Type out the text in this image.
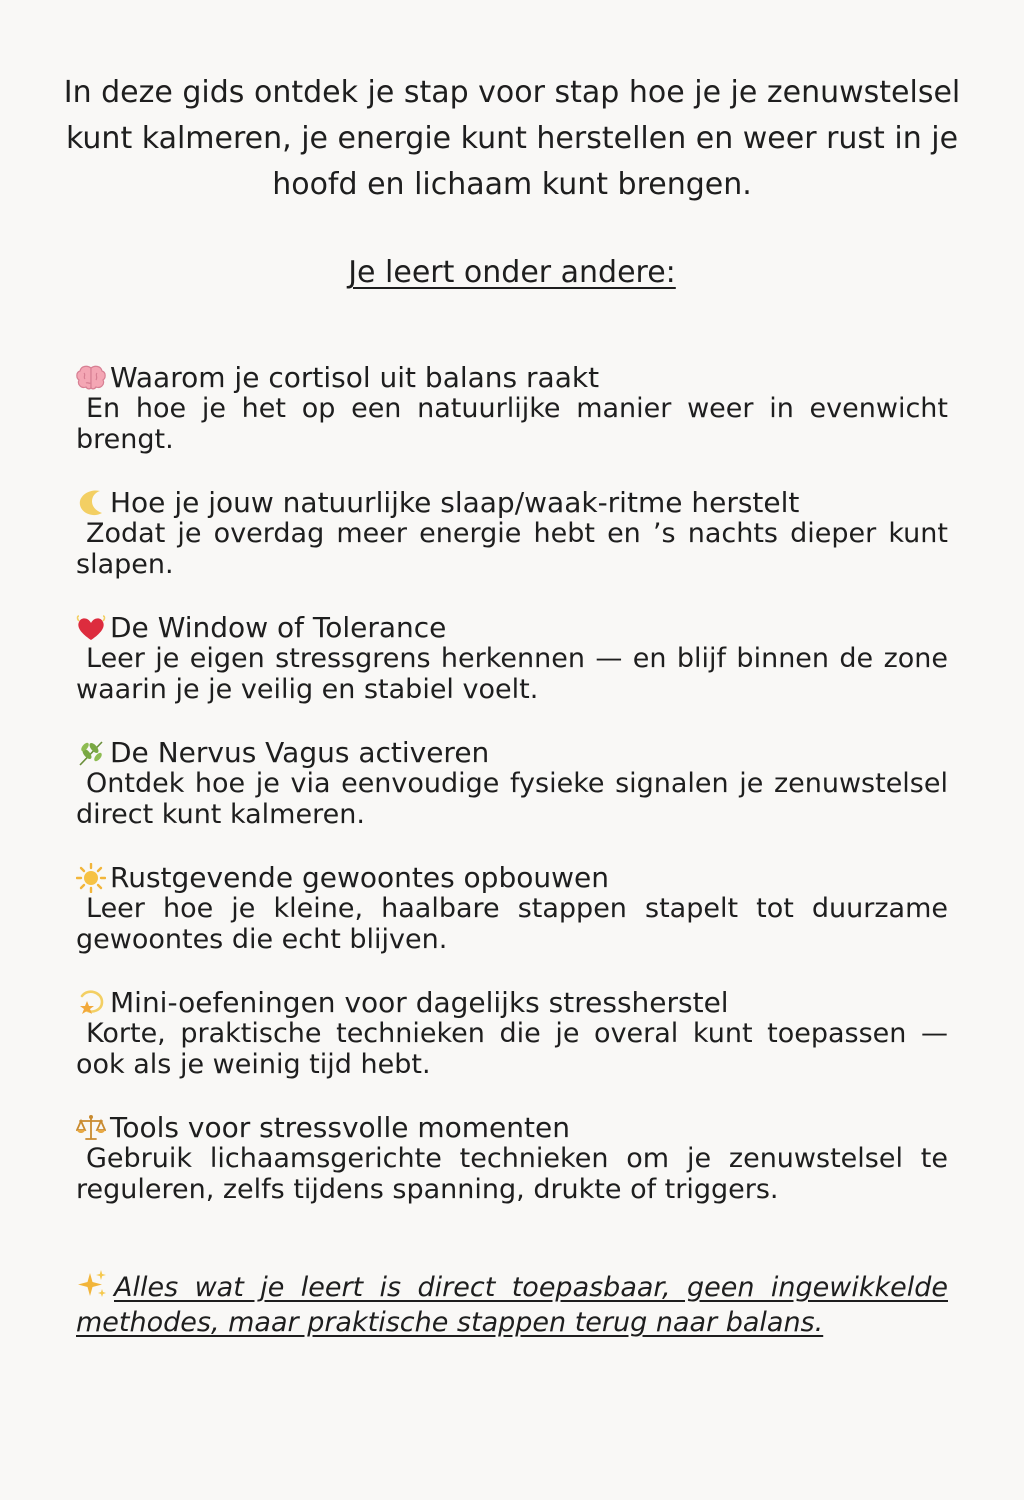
In deze gids ontdek je stap voor stap hoe je je zenuwstelsel kunt kalmeren, je energie kunt herstellen en weer rust in je hoofd en lichaam kunt brengen.

Je leert onder andere:

Waarom je cortisol uit balans raakt
En hoe je het op een natuurlijke manier weer in evenwicht brengt.
Hoe je jouw natuurlijke slaap/waak-ritme herstelt
Zodat je overdag meer energie hebt en ’s nachts dieper kunt slapen.
De Window of Tolerance
Leer je eigen stressgrens herkennen — en blijf binnen de zone waarin je je veilig en stabiel voelt.
De Nervus Vagus activeren
Ontdek hoe je via eenvoudige fysieke signalen je zenuwstelsel direct kunt kalmeren.
Rustgevende gewoontes opbouwen
Leer hoe je kleine, haalbare stappen stapelt tot duurzame gewoontes die echt blijven.
Mini-oefeningen voor dagelijks stressherstel
Korte, praktische technieken die je overal kunt toepassen — ook als je weinig tijd hebt.
Tools voor stressvolle momenten
Gebruik lichaamsgerichte technieken om je zenuwstelsel te reguleren, zelfs tijdens spanning, drukte of triggers.

Alles wat je leert is direct toepasbaar, geen ingewikkelde methodes, maar praktische stappen terug naar balans.
